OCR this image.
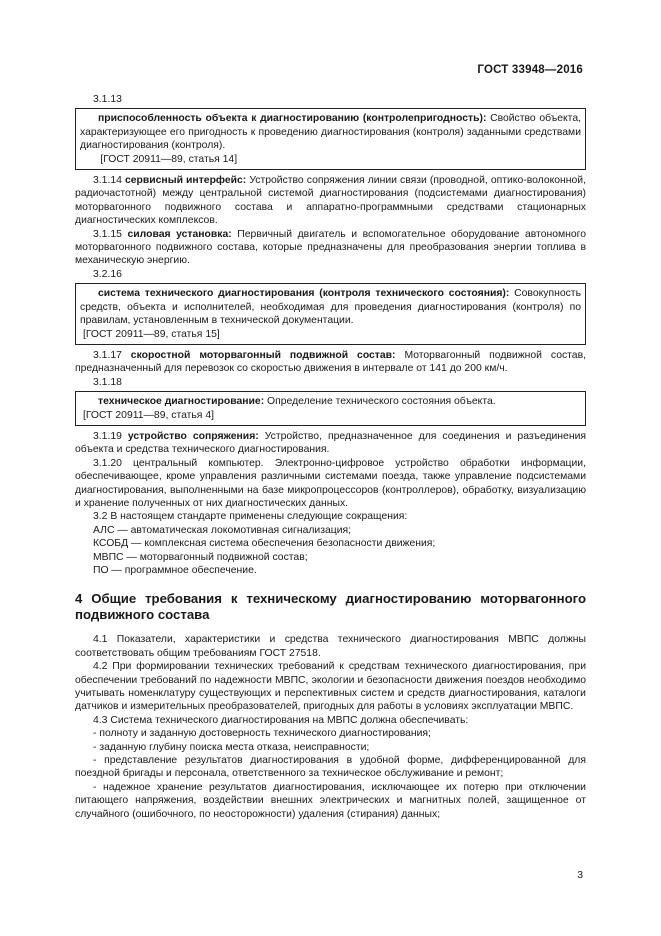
ГОСТ 33948—2016

3.1.13

приспособленность объекта к диагностированию (контролепригодность): Свойство объекта, характеризующее его пригодность к проведению диагностирования (контроля) заданными средствами диагностирования (контроля).

[ГОСТ 20911—89, статья 14]

3.1.14 сервисный интерфейс: Устройство сопряжения линии связи (проводной, оптико-волоконной, радиочастотной) между центральной системой диагностирования (подсистемами диагностирования) моторвагонного подвижного состава и аппаратно-программными средствами стационарных диагностических комплексов.

3.1.15 силовая установка: Первичный двигатель и вспомогательное оборудование автономного моторвагонного подвижного состава, которые предназначены для преобразования энергии топлива в механическую энергию.

3.2.16

система технического диагностирования (контроля технического состояния): Совокупность средств, объекта и исполнителей, необходимая для проведения диагностирования (контроля) по правилам, установленным в технической документации.

[ГОСТ 20911—89, статья 15]

3.1.17 скоростной моторвагонный подвижной состав: Моторвагонный подвижной состав, предназначенный для перевозок со скоростью движения в интервале от 141 до 200 км/ч.

3.1.18

техническое диагностирование: Определение технического состояния объекта.

[ГОСТ 20911—89, статья 4]

3.1.19 устройство сопряжения: Устройство, предназначенное для соединения и разъединения объекта и средства технического диагностирования.

3.1.20 центральный компьютер. Электронно-цифровое устройство обработки информации, обеспечивающее, кроме управления различными системами поезда, также управление подсистемами диагностирования, выполненными на базе микропроцессоров (контроллеров), обработку, визуализацию и хранение полученных от них диагностических данных.

3.2 В настоящем стандарте применены следующие сокращения:

АЛС — автоматическая локомотивная сигнализация;

КСОБД — комплексная система обеспечения безопасности движения;

МВПС — моторвагонный подвижной состав;

ПО — программное обеспечение.

4 Общие требования к техническому диагностированию моторвагонного подвижного состава

4.1 Показатели, характеристики и средства технического диагностирования МВПС должны соответствовать общим требованиям ГОСТ 27518.

4.2 При формировании технических требований к средствам технического диагностирования, при обеспечении требований по надежности МВПС, экологии и безопасности движения поездов необходимо учитывать номенклатуру существующих и перспективных систем и средств диагностирования, каталоги датчиков и измерительных преобразователей, пригодных для работы в условиях эксплуатации МВПС.

4.3 Система технического диагностирования на МВПС должна обеспечивать:

- полноту и заданную достоверность технического диагностирования;

- заданную глубину поиска места отказа, неисправности;

- представление результатов диагностирования в удобной форме, дифференцированной для поездной бригады и персонала, ответственного за техническое обслуживание и ремонт;

- надежное хранение результатов диагностирования, исключающее их потерю при отключении питающего напряжения, воздействии внешних электрических и магнитных полей, защищенное от случайного (ошибочного, по неосторожности) удаления (стирания) данных;

3
